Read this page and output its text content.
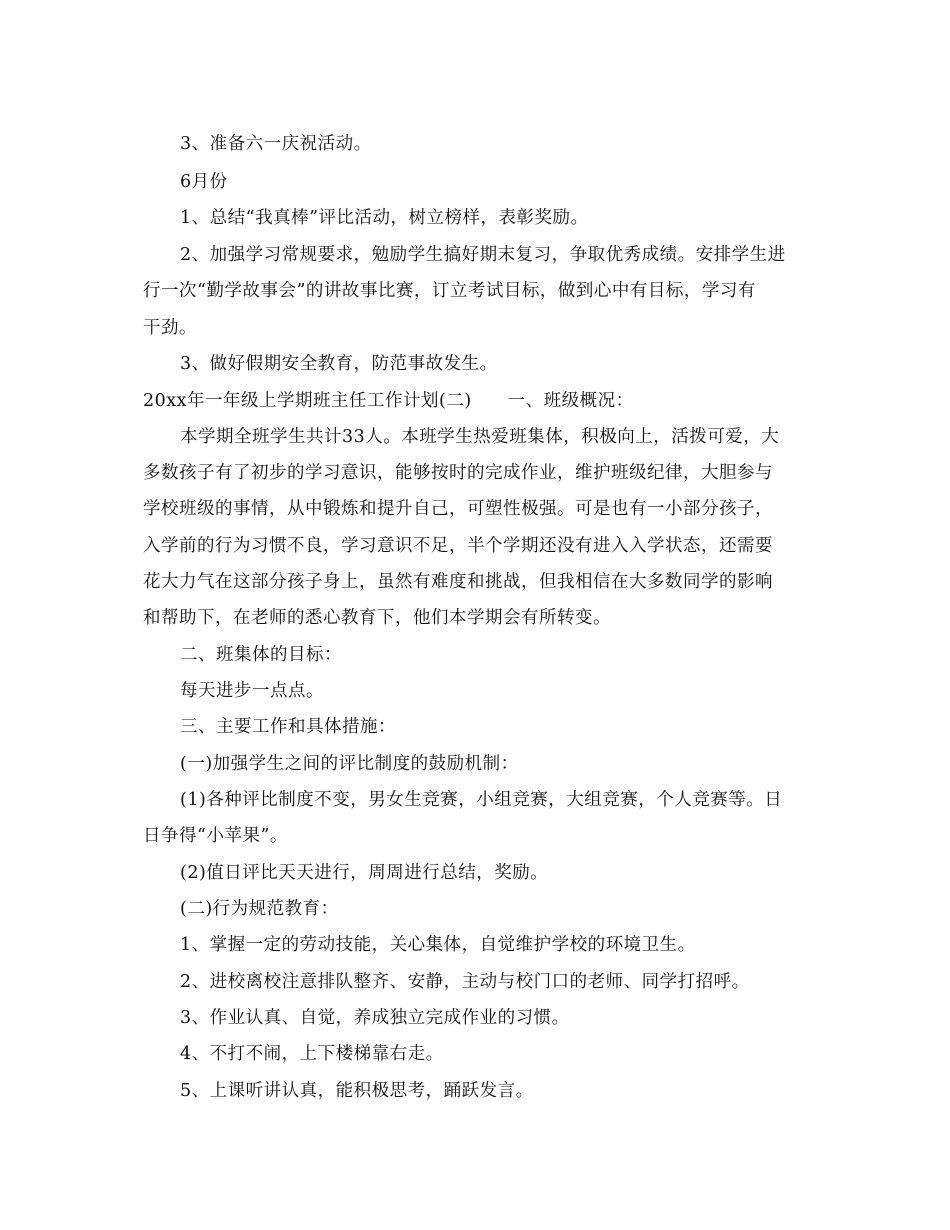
3、准备六一庆祝活动。
6月份
1、总结“我真棒”评比活动，树立榜样，表彰奖励。
2、加强学习常规要求，勉励学生搞好期末复习，争取优秀成绩。安排学生进
行一次“勤学故事会”的讲故事比赛，订立考试目标，做到心中有目标，学习有
干劲。
3、做好假期安全教育，防范事故发生。
20xx年一年级上学期班主任工作计划(二)　　一、班级概况：
本学期全班学生共计33人。本班学生热爱班集体，积极向上，活拨可爱，大
多数孩子有了初步的学习意识，能够按时的完成作业，维护班级纪律，大胆参与
学校班级的事情，从中锻炼和提升自己，可塑性极强。可是也有一小部分孩子，
入学前的行为习惯不良，学习意识不足，半个学期还没有进入入学状态，还需要
花大力气在这部分孩子身上，虽然有难度和挑战，但我相信在大多数同学的影响
和帮助下，在老师的悉心教育下，他们本学期会有所转变。
二、班集体的目标：
每天进步一点点。
三、主要工作和具体措施：
(一)加强学生之间的评比制度的鼓励机制：
(1)各种评比制度不变，男女生竞赛，小组竞赛，大组竞赛，个人竞赛等。日
日争得“小苹果”。
(2)值日评比天天进行，周周进行总结，奖励。
(二)行为规范教育：
1、掌握一定的劳动技能，关心集体，自觉维护学校的环境卫生。
2、进校离校注意排队整齐、安静，主动与校门口的老师、同学打招呼。
3、作业认真、自觉，养成独立完成作业的习惯。
4、不打不闹，上下楼梯靠右走。
5、上课听讲认真，能积极思考，踊跃发言。
